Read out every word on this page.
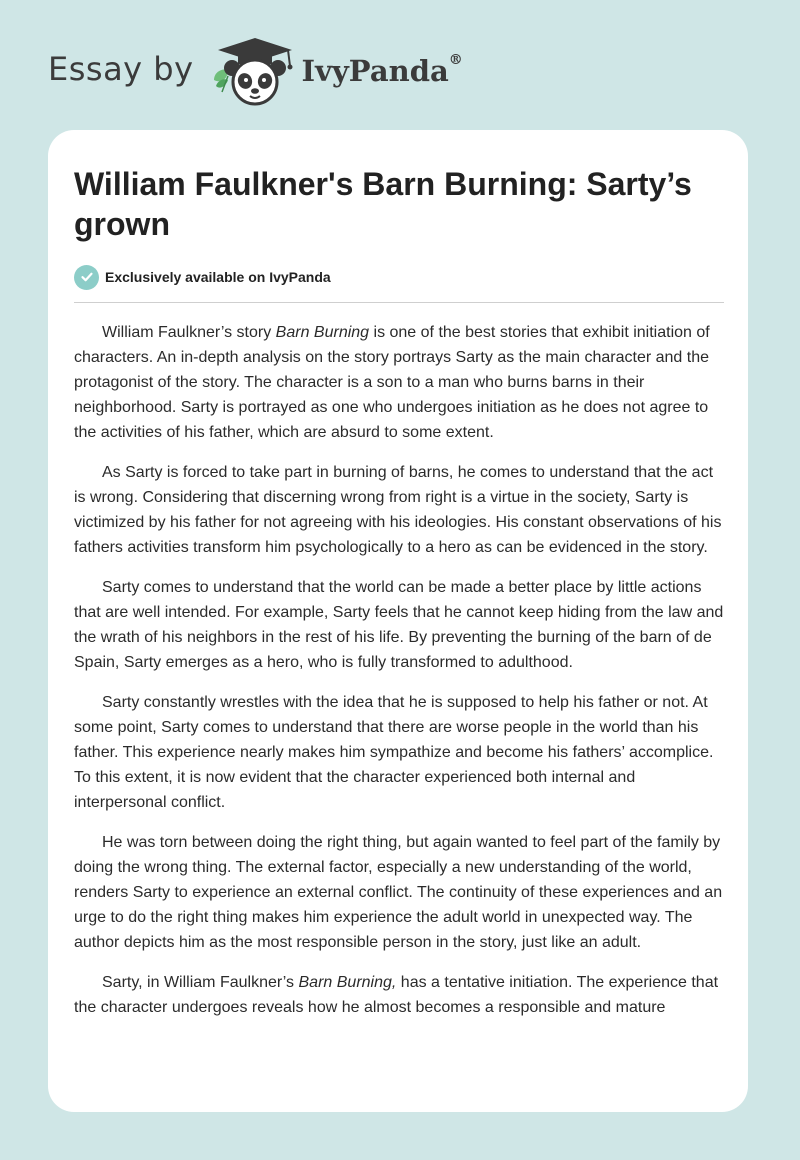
Essay by	IvyPanda®
William Faulkner's Barn Burning: Sarty’s grown
Exclusively available on IvyPanda

William Faulkner’s story Barn Burning is one of the best stories that exhibit initiation of characters. An in-depth analysis on the story portrays Sarty as the main character and the protagonist of the story. The character is a son to a man who burns barns in their neighborhood. Sarty is portrayed as one who undergoes initiation as he does not agree to the activities of his father, which are absurd to some extent.

As Sarty is forced to take part in burning of barns, he comes to understand that the act is wrong. Considering that discerning wrong from right is a virtue in the society, Sarty is victimized by his father for not agreeing with his ideologies. His constant observations of his fathers activities transform him psychologically to a hero as can be evidenced in the story.

Sarty comes to understand that the world can be made a better place by little actions that are well intended. For example, Sarty feels that he cannot keep hiding from the law and the wrath of his neighbors in the rest of his life. By preventing the burning of the barn of de Spain, Sarty emerges as a hero, who is fully transformed to adulthood.

Sarty constantly wrestles with the idea that he is supposed to help his father or not. At some point, Sarty comes to understand that there are worse people in the world than his father. This experience nearly makes him sympathize and become his fathers’ accomplice. To this extent, it is now evident that the character experienced both internal and interpersonal conflict.

He was torn between doing the right thing, but again wanted to feel part of the family by doing the wrong thing. The external factor, especially a new understanding of the world, renders Sarty to experience an external conflict. The continuity of these experiences and an urge to do the right thing makes him experience the adult world in unexpected way. The author depicts him as the most responsible person in the story, just like an adult.

Sarty, in William Faulkner’s Barn Burning, has a tentative initiation. The experience that the character undergoes reveals how he almost becomes a responsible and mature
